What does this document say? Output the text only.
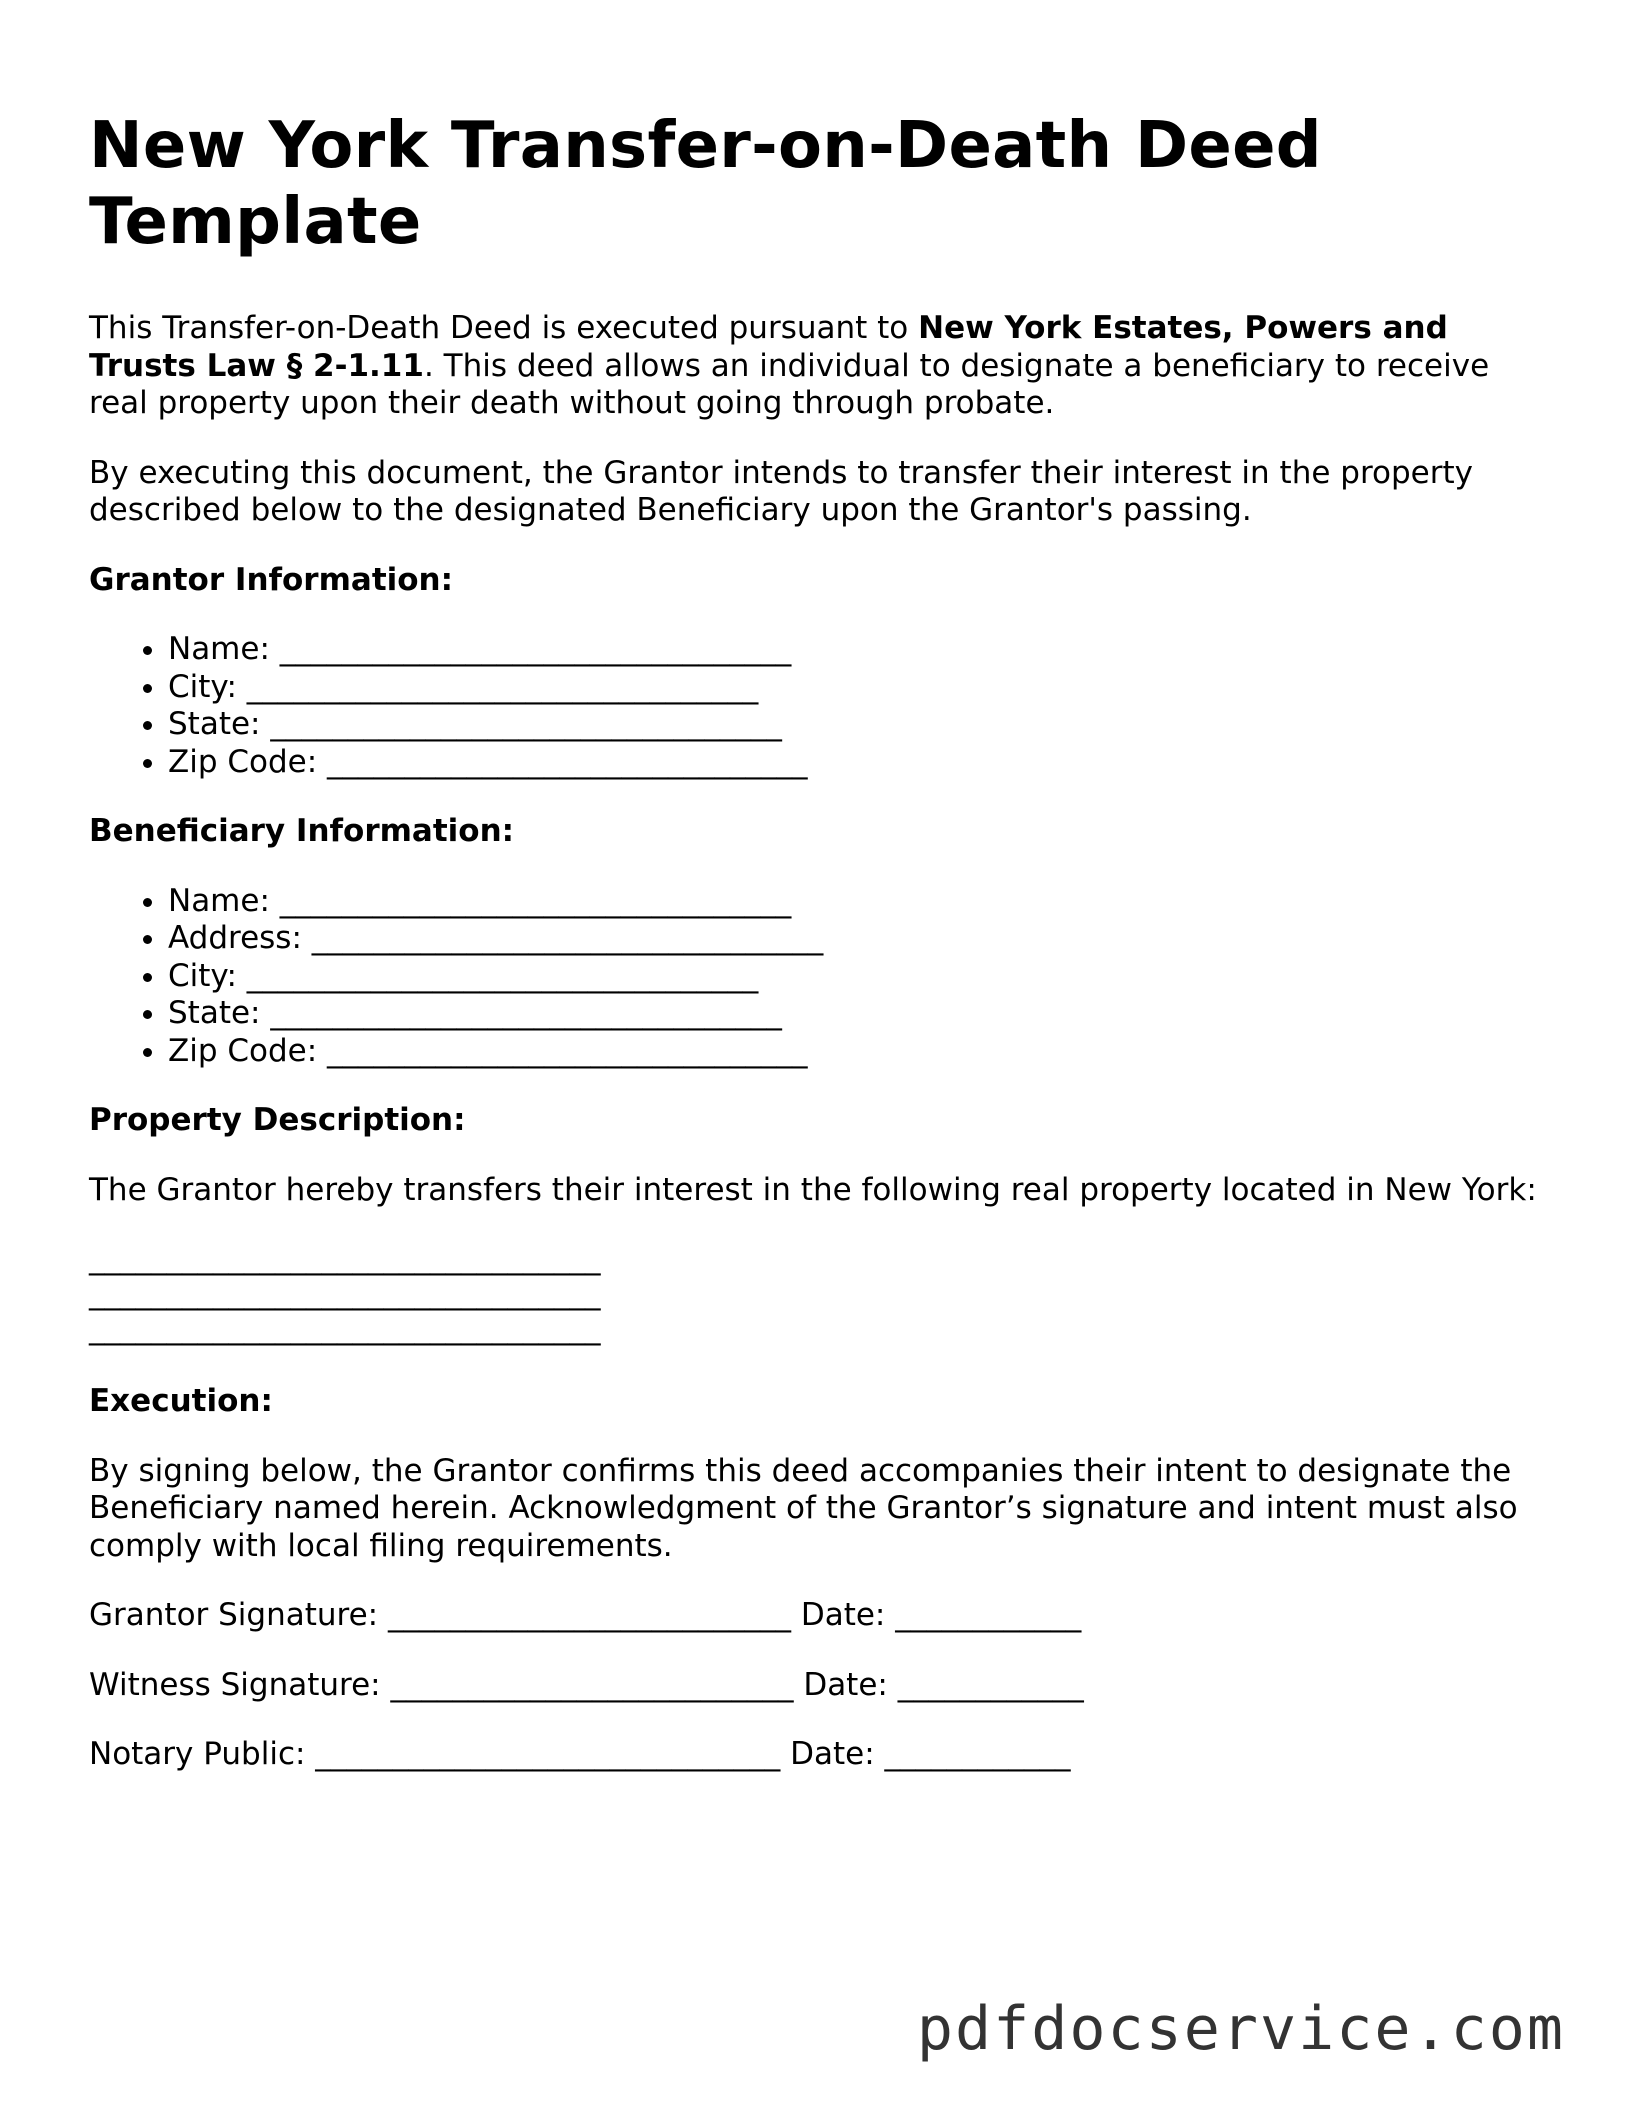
New York Transfer-on-Death Deed Template

This Transfer-on-Death Deed is executed pursuant to New York Estates, Powers and Trusts Law § 2-1.11. This deed allows an individual to designate a beneficiary to receive real property upon their death without going through probate.

By executing this document, the Grantor intends to transfer their interest in the property described below to the designated Beneficiary upon the Grantor's passing.

Grantor Information:
• Name: _________________________________
• City: _________________________________
• State: _________________________________
• Zip Code: _______________________________
Beneficiary Information:
• Name: _________________________________
• Address: _________________________________
• City: _________________________________
• State: _________________________________
• Zip Code: _______________________________
Property Description:

The Grantor hereby transfers their interest in the following real property located in New York:

_________________________________
_________________________________
_________________________________
Execution:

By signing below, the Grantor confirms this deed accompanies their intent to designate the Beneficiary named herein. Acknowledgment of the Grantor’s signature and intent must also comply with local filing requirements.

Grantor Signature: __________________________ Date: ____________
Witness Signature: __________________________ Date: ____________
Notary Public: ______________________________ Date: ____________
pdfdocservice.com
